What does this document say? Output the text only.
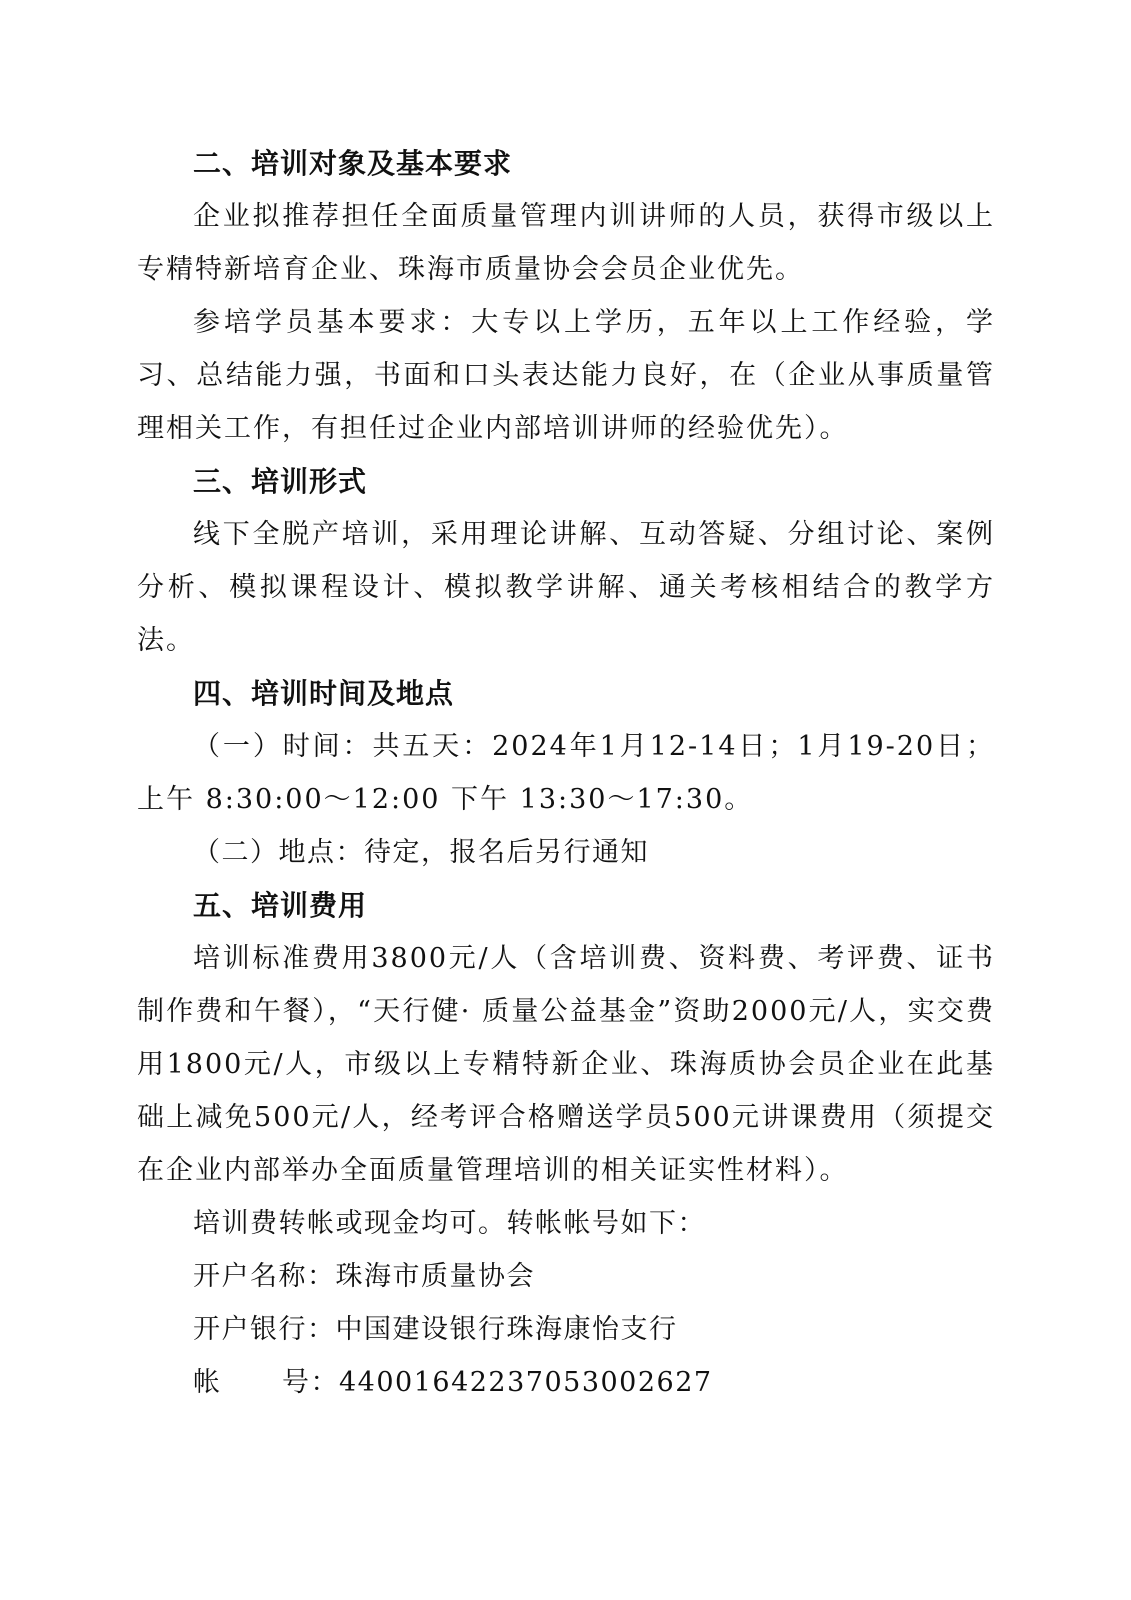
二、培训对象及基本要求
企业拟推荐担任全面质量管理内训讲师的人员，获得市级以上专精特新培育企业、珠海市质量协会会员企业优先。
参培学员基本要求：大专以上学历，五年以上工作经验，学习、总结能力强，书面和口头表达能力良好，在（企业从事质量管理相关工作，有担任过企业内部培训讲师的经验优先）。
三、培训形式
线下全脱产培训，采用理论讲解、互动答疑、分组讨论、案例分析、模拟课程设计、模拟教学讲解、通关考核相结合的教学方法。
四、培训时间及地点
（一）时间：共五天：2024年1月12-14日；1月19-20日；上午 8:30:00～12:00 下午 13:30～17:30。
（二）地点：待定，报名后另行通知
五、培训费用
培训标准费用3800元/人（含培训费、资料费、考评费、证书制作费和午餐），“天行健· 质量公益基金”资助2000元/人，实交费用1800元/人，市级以上专精特新企业、珠海质协会员企业在此基础上减免500元/人，经考评合格赠送学员500元讲课费用（须提交在企业内部举办全面质量管理培训的相关证实性材料）。
培训费转帐或现金均可。转帐帐号如下：
开户名称：珠海市质量协会
开户银行：中国建设银行珠海康怡支行
帐      号：44001642237053002627
